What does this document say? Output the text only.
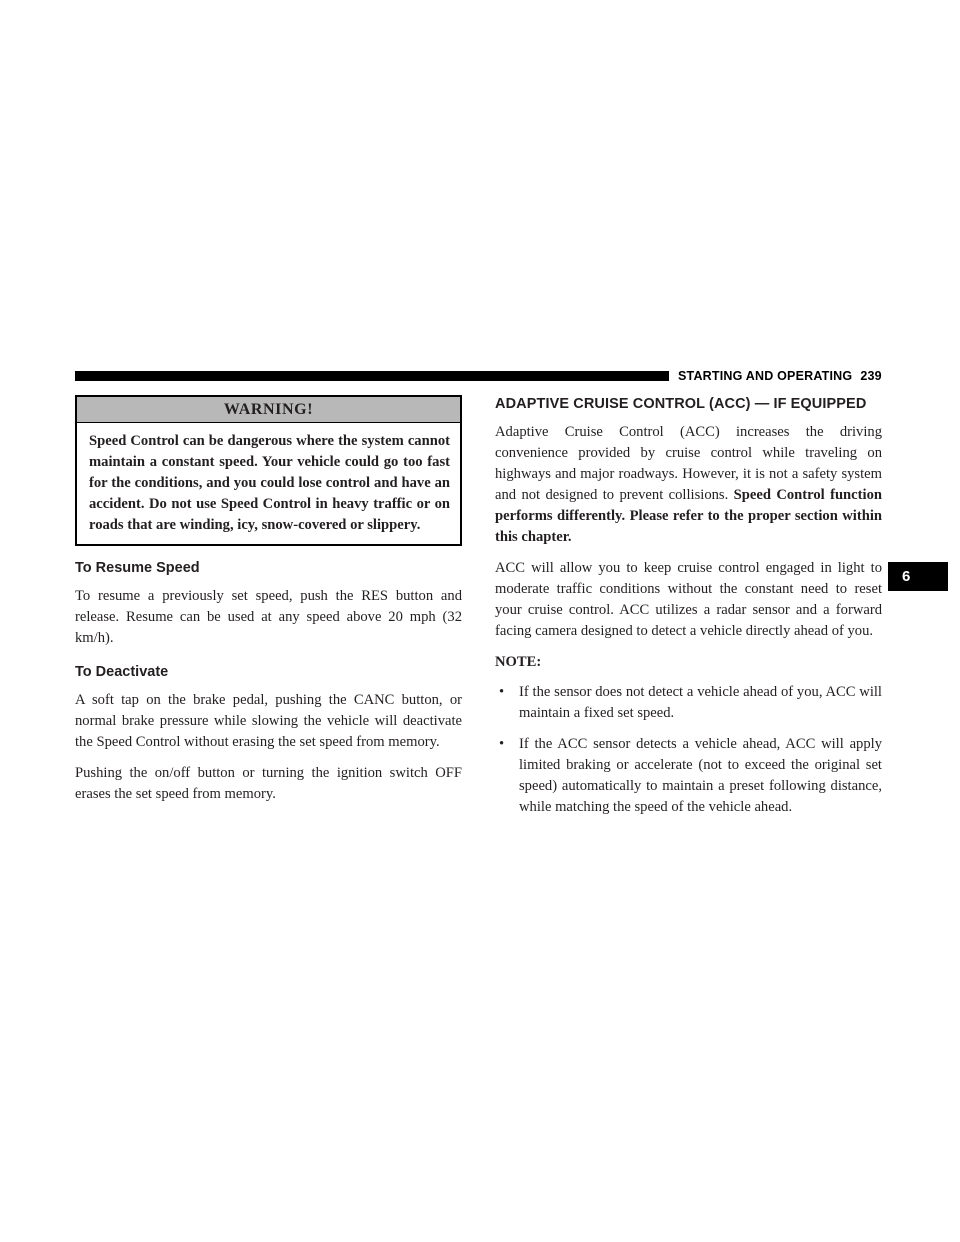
STARTING AND OPERATING 239
WARNING!
Speed Control can be dangerous where the system cannot maintain a constant speed. Your vehicle could go too fast for the conditions, and you could lose control and have an accident. Do not use Speed Control in heavy traffic or on roads that are winding, icy, snow-covered or slippery.
To Resume Speed

To resume a previously set speed, push the RES button and release. Resume can be used at any speed above 20 mph (32 km/h).

To Deactivate

A soft tap on the brake pedal, pushing the CANC button, or normal brake pressure while slowing the vehicle will deactivate the Speed Control without erasing the set speed from memory.

Pushing the on/off button or turning the ignition switch OFF erases the set speed from memory.

ADAPTIVE CRUISE CONTROL (ACC) — IF EQUIPPED

Adaptive Cruise Control (ACC) increases the driving convenience provided by cruise control while traveling on highways and major roadways. However, it is not a safety system and not designed to prevent collisions. Speed Control function performs differently. Please refer to the proper section within this chapter.

ACC will allow you to keep cruise control engaged in light to moderate traffic conditions without the constant need to reset your cruise control. ACC utilizes a radar sensor and a forward facing camera designed to detect a vehicle directly ahead of you.

NOTE:

• If the sensor does not detect a vehicle ahead of you, ACC will maintain a fixed set speed.
• If the ACC sensor detects a vehicle ahead, ACC will apply limited braking or accelerate (not to exceed the original set speed) automatically to maintain a preset following distance, while matching the speed of the vehicle ahead.
6
